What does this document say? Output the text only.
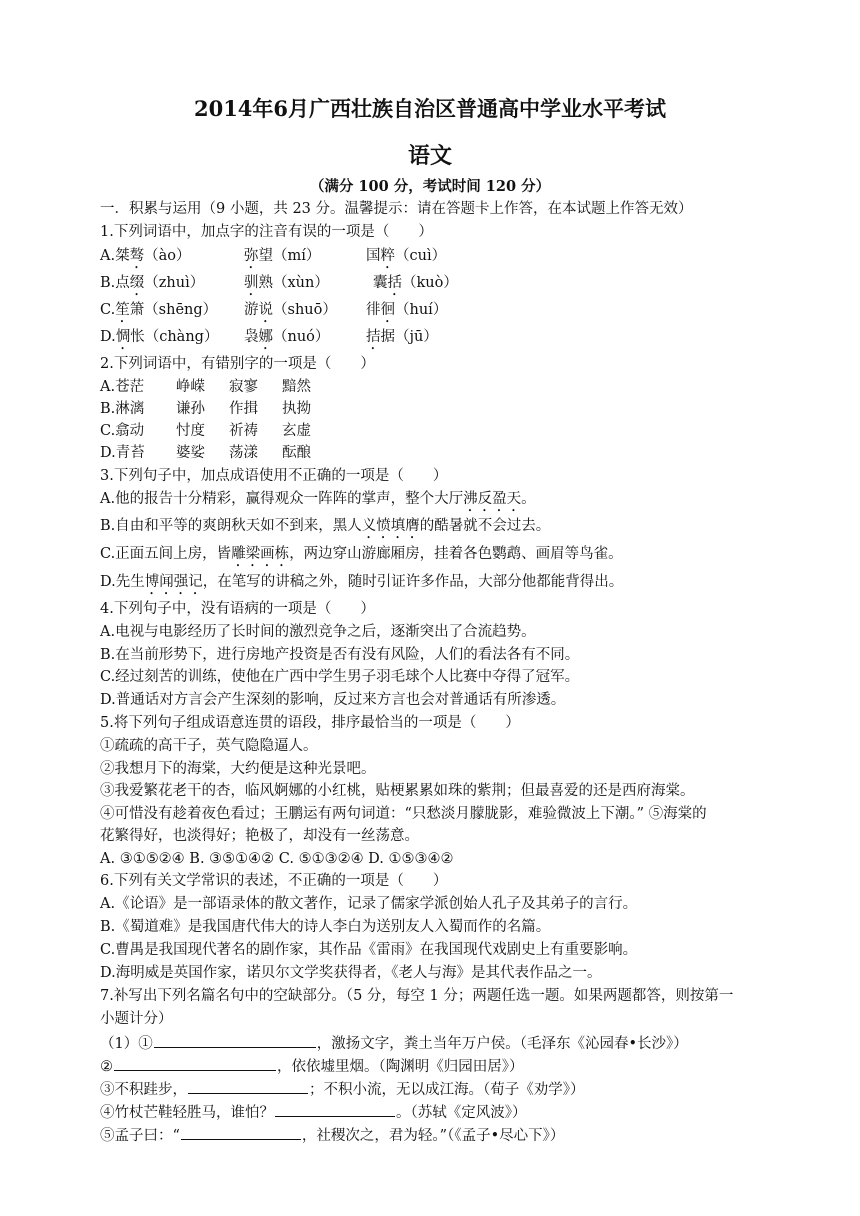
2014年6月广西壮族自治区普通高中学业水平考试
语文
（满分 100 分，考试时间 120 分）
一．积累与运用（9 小题，共 23 分。温馨提示：请在答题卡上作答，在本试题上作答无效）
1.下列词语中，加点字的注音有误的一项是（　　）
A.桀骜（ào）	弥望（mí）	国粹（cuì）
B.点缀（zhuì）	驯熟（xùn）	囊括（kuò）
C.笙箫（shēng） 游说（shuō） 徘徊（huí）
D.惆怅（chàng） 袅娜（nuó）	拮据（jū）
2.下列词语中，有错别字的一项是（　　）
A.苍茫 峥嵘 寂寥 黯然
B.淋漓 谦孙 作揖 执拗
C.翕动 忖度 祈祷 玄虚
D.青苔 婆娑 荡漾 酝酿
3.下列句子中，加点成语使用不正确的一项是（　　）
A.他的报告十分精彩，赢得观众一阵阵的掌声，整个大厅沸反盈天。
B.自由和平等的爽朗秋天如不到来，黑人义愤填膺的酷暑就不会过去。
C.正面五间上房，皆雕梁画栋，两边穿山游廊厢房，挂着各色鹦鹉、画眉等鸟雀。
D.先生博闻强记，在笔写的讲稿之外，随时引证许多作品，大部分他都能背得出。
4.下列句子中，没有语病的一项是（　　）
A.电视与电影经历了长时间的激烈竞争之后，逐渐突出了合流趋势。
B.在当前形势下，进行房地产投资是否有没有风险，人们的看法各有不同。
C.经过刻苦的训练，使他在广西中学生男子羽毛球个人比赛中夺得了冠军。
D.普通话对方言会产生深刻的影响，反过来方言也会对普通话有所渗透。
5.将下列句子组成语意连贯的语段，排序最恰当的一项是（　　）
①疏疏的高干子，英气隐隐逼人。
②我想月下的海棠，大约便是这种光景吧。
③我爱繁花老干的杏，临风婀娜的小红桃，贴梗累累如珠的紫荆；但最喜爱的还是西府海棠。
④可惜没有趁着夜色看过；王鹏运有两句词道：“只愁淡月朦胧影，难验微波上下潮。” ⑤海棠的
花繁得好，也淡得好；艳极了，却没有一丝荡意。
A. ③①⑤②④ B. ③⑤①④② C. ⑤①③②④ D. ①⑤③④②
6.下列有关文学常识的表述，不正确的一项是（　　）
A.《论语》是一部语录体的散文著作，记录了儒家学派创始人孔子及其弟子的言行。
B.《蜀道难》是我国唐代伟大的诗人李白为送别友人入蜀而作的名篇。
C.曹禺是我国现代著名的剧作家，其作品《雷雨》在我国现代戏剧史上有重要影响。
D.海明威是英国作家，诺贝尔文学奖获得者，《老人与海》是其代表作品之一。
7.补写出下列名篇名句中的空缺部分。（5 分，每空 1 分；两题任选一题。如果两题都答，则按第一
小题计分）
（1）①	，激扬文字，粪土当年万户侯。（毛泽东《沁园春•长沙》）
②	，依依墟里烟。（陶渊明《归园田居》）
③不积跬步，	；不积小流，无以成江海。（荀子《劝学》）
④竹杖芒鞋轻胜马，谁怕？	。（苏轼《定风波》）
⑤孟子曰：“	，社稷次之，君为轻。”（《孟子•尽心下》）
